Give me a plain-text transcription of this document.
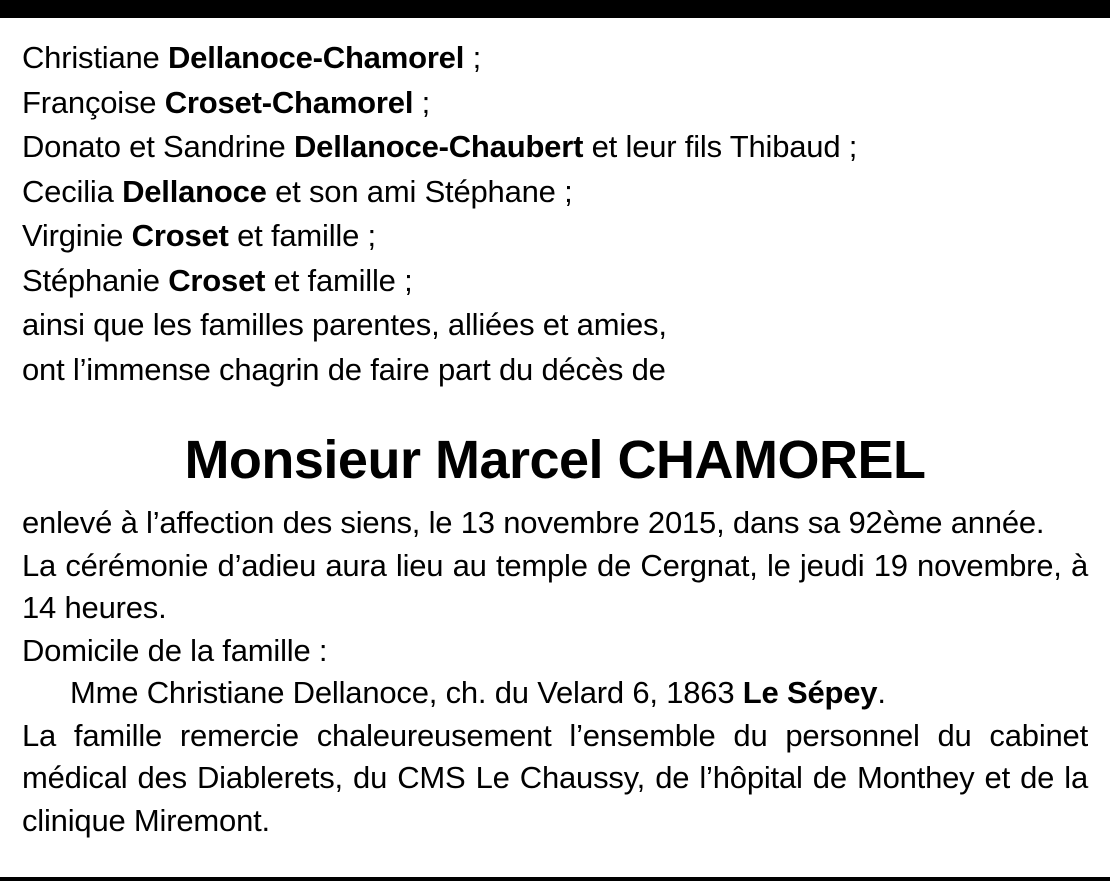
Christiane Dellanoce-Chamorel ;
Françoise Croset-Chamorel ;
Donato et Sandrine Dellanoce-Chaubert et leur fils Thibaud ;
Cecilia Dellanoce et son ami Stéphane ;
Virginie Croset et famille ;
Stéphanie Croset et famille ;
ainsi que les familles parentes, alliées et amies,
ont l’immense chagrin de faire part du décès de
Monsieur Marcel CHAMOREL
enlevé à l’affection des siens, le 13 novembre 2015, dans sa 92ème année.
La cérémonie d’adieu aura lieu au temple de Cergnat, le jeudi 19 novembre, à 14 heures.
Domicile de la famille :
Mme Christiane Dellanoce, ch. du Velard 6, 1863 Le Sépey.
La famille remercie chaleureusement l’ensemble du personnel du cabinet médical des Diablerets, du CMS Le Chaussy, de l’hôpital de Monthey et de la clinique Miremont.
